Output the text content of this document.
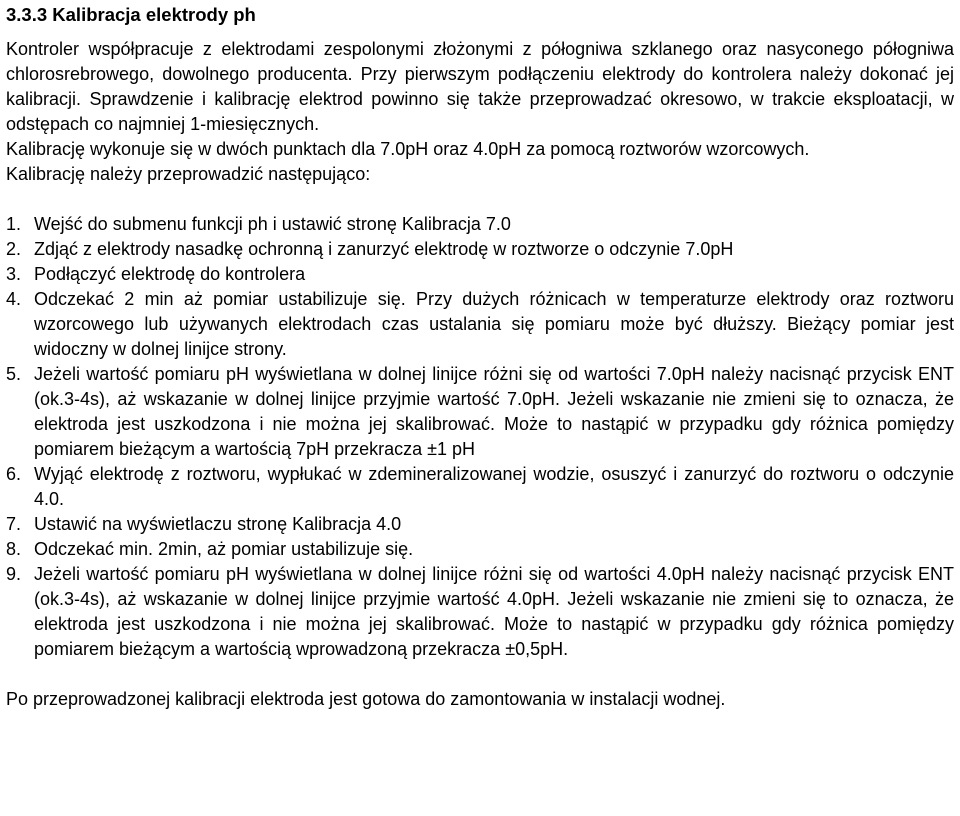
3.3.3 Kalibracja elektrody ph

Kontroler współpracuje z elektrodami zespolonymi złożonymi z półogniwa szklanego oraz nasyconego półogniwa chlorosrebrowego, dowolnego producenta. Przy pierwszym podłączeniu elektrody do kontrolera należy dokonać jej kalibracji. Sprawdzenie i kalibrację elektrod powinno się także przeprowadzać okresowo, w trakcie eksploatacji, w odstępach co najmniej 1-miesięcznych.

Kalibrację wykonuje się w dwóch punktach dla 7.0pH oraz 4.0pH za pomocą roztworów wzorcowych.

Kalibrację należy przeprowadzić następująco:

1. Wejść do submenu funkcji ph i ustawić stronę Kalibracja 7.0
2. Zdjąć z elektrody nasadkę ochronną i zanurzyć elektrodę w roztworze o odczynie 7.0pH
3. Podłączyć elektrodę do kontrolera
4. Odczekać 2 min aż pomiar ustabilizuje się. Przy dużych różnicach w temperaturze elektrody oraz roztworu wzorcowego lub używanych elektrodach czas ustalania się pomiaru może być dłuższy. Bieżący pomiar jest widoczny w dolnej linijce strony.
5. Jeżeli wartość pomiaru pH wyświetlana w dolnej linijce różni się od wartości 7.0pH należy nacisnąć przycisk ENT (ok.3-4s), aż wskazanie w dolnej linijce przyjmie wartość 7.0pH. Jeżeli wskazanie nie zmieni się to oznacza, że elektroda jest uszkodzona i nie można jej skalibrować. Może to nastąpić w przypadku gdy różnica pomiędzy pomiarem bieżącym a wartością 7pH przekracza ±1 pH
6. Wyjąć elektrodę z roztworu, wypłukać w zdemineralizowanej wodzie, osuszyć i zanurzyć do roztworu o odczynie 4.0.
7. Ustawić na wyświetlaczu stronę Kalibracja 4.0
8. Odczekać min. 2min, aż pomiar ustabilizuje się.
9. Jeżeli wartość pomiaru pH wyświetlana w dolnej linijce różni się od wartości 4.0pH należy nacisnąć przycisk ENT (ok.3-4s), aż wskazanie w dolnej linijce przyjmie wartość 4.0pH. Jeżeli wskazanie nie zmieni się to oznacza, że elektroda jest uszkodzona i nie można jej skalibrować. Może to nastąpić w przypadku gdy różnica pomiędzy pomiarem bieżącym a wartością wprowadzoną przekracza ±0,5pH.

Po przeprowadzonej kalibracji elektroda jest gotowa do zamontowania w instalacji wodnej.
